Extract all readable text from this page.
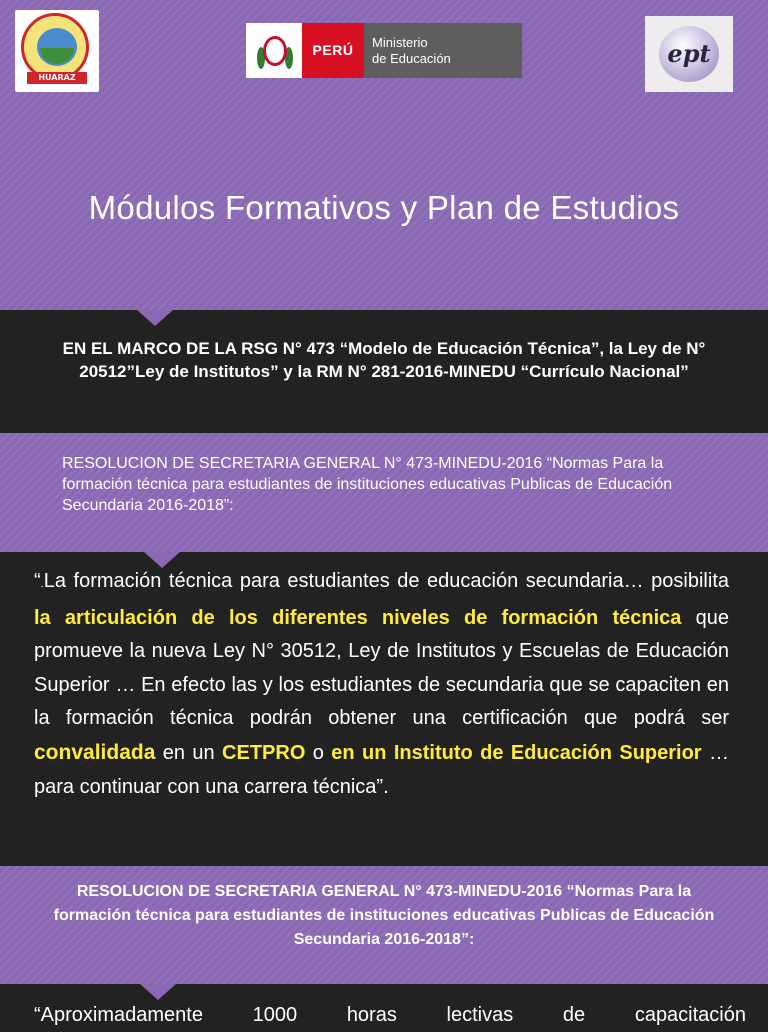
HUARAZ
PERÚ	Ministerio
de Educación	ept
Módulos Formativos y Plan de Estudios
EN EL MARCO DE LA RSG N° 473 “Modelo de Educación Técnica”, la Ley de N° 20512”Ley de Institutos” y la RM N° 281-2016-MINEDU “Currículo Nacional”
RESOLUCION DE SECRETARIA GENERAL N° 473-MINEDU-2016 “Normas Para la formación técnica para estudiantes de instituciones educativas Publicas de Educación Secundaria 2016-2018”:

“.La formación técnica para estudiantes de educación secundaria… posibilita la articulación de los diferentes niveles de formación técnica que promueve la nueva Ley N° 30512, Ley de Institutos y Escuelas de Educación Superior … En efecto las y los estudiantes de secundaria que se capaciten en la formación técnica podrán obtener una certificación que podrá ser convalidada en un CETPRO o en un Instituto de Educación Superior …para continuar con una carrera técnica”.

RESOLUCION DE SECRETARIA GENERAL N° 473-MINEDU-2016 “Normas Para la formación técnica para estudiantes de instituciones educativas Publicas de Educación Secundaria 2016-2018”:

“Aproximadamente 1000 horas lectivas de capacitación
